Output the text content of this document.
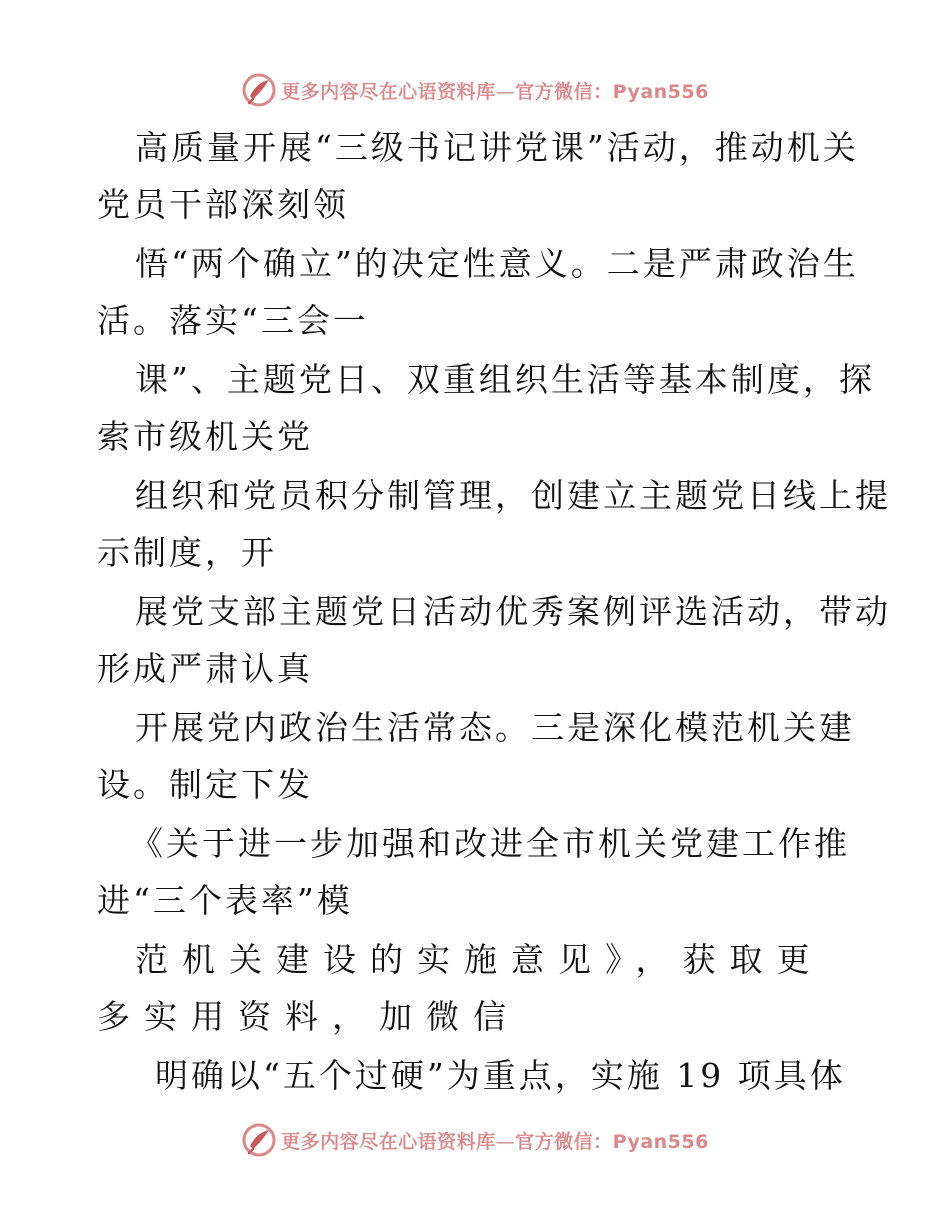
更多内容尽在心语资料库—官方微信：Pyan556
高质量开展“三级书记讲党课”活动，推动机关
党员干部深刻领
悟“两个确立”的决定性意义。二是严肃政治生
活。落实“三会一
课”、主题党日、双重组织生活等基本制度，探
索市级机关党
组织和党员积分制管理，创建立主题党日线上提
示制度，开
展党支部主题党日活动优秀案例评选活动，带动
形成严肃认真
开展党内政治生活常态。三是深化模范机关建
设。制定下发
《关于进一步加强和改进全市机关党建工作推
进“三个表率”模
范机关建设的实施意见》，获取更
多实用资料，加微信
明确以“五个过硬”为重点，实施 19 项具体
更多内容尽在心语资料库—官方微信：Pyan556
